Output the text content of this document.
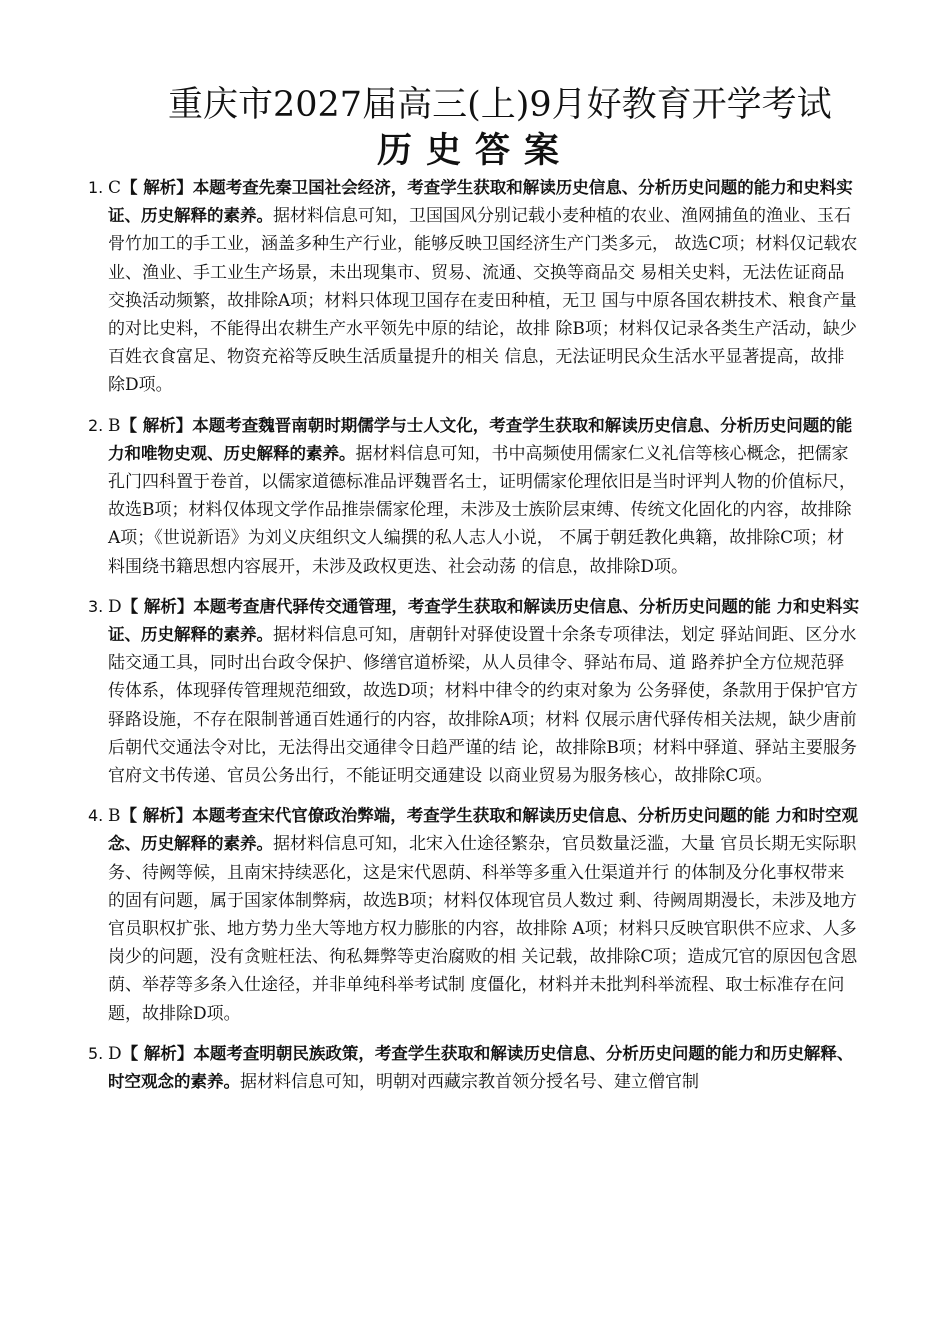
重庆市2027届高三(上)9月好教育开学考试
历史答案
1. C【 解析】本题考查先秦卫国社会经济，考查学生获取和解读历史信息、分析历史问题的能力和史料实证、历史解释的素养。据材料信息可知，卫国国风分别记载小麦种植的农业、渔网捕鱼的渔业、玉石骨竹加工的手工业，涵盖多种生产行业，能够反映卫国经济生产门类多元， 故选C项；材料仅记载农业、渔业、手工业生产场景，未出现集市、贸易、流通、交换等商品交 易相关史料，无法佐证商品交换活动频繁，故排除A项；材料只体现卫国存在麦田种植，无卫 国与中原各国农耕技术、粮食产量的对比史料，不能得出农耕生产水平领先中原的结论，故排 除B项；材料仅记录各类生产活动，缺少百姓衣食富足、物资充裕等反映生活质量提升的相关 信息，无法证明民众生活水平显著提高，故排除D项。
2. B【 解析】本题考查魏晋南朝时期儒学与士人文化，考查学生获取和解读历史信息、分析历史问题的能力和唯物史观、历史解释的素养。据材料信息可知，书中高频使用儒家仁义礼信等核心概念，把儒家孔门四科置于卷首，以儒家道德标准品评魏晋名士，证明儒家伦理依旧是当时评判人物的价值标尺，故选B项；材料仅体现文学作品推崇儒家伦理，未涉及士族阶层束缚、传统文化固化的内容，故排除A项；《世说新语》为刘义庆组织文人编撰的私人志人小说， 不属于朝廷教化典籍，故排除C项；材料围绕书籍思想内容展开，未涉及政权更迭、社会动荡 的信息，故排除D项。
3. D【 解析】本题考查唐代驿传交通管理，考查学生获取和解读历史信息、分析历史问题的能 力和史料实证、历史解释的素养。据材料信息可知，唐朝针对驿使设置十余条专项律法，划定 驿站间距、区分水陆交通工具，同时出台政令保护、修缮官道桥梁，从人员律令、驿站布局、道 路养护全方位规范驿传体系，体现驿传管理规范细致，故选D项；材料中律令的约束对象为 公务驿使，条款用于保护官方驿路设施，不存在限制普通百姓通行的内容，故排除A项；材料 仅展示唐代驿传相关法规，缺少唐前后朝代交通法令对比，无法得出交通律令日趋严谨的结 论，故排除B项；材料中驿道、驿站主要服务官府文书传递、官员公务出行，不能证明交通建设 以商业贸易为服务核心，故排除C项。
4. B【 解析】本题考查宋代官僚政治弊端，考查学生获取和解读历史信息、分析历史问题的能 力和时空观念、历史解释的素养。据材料信息可知，北宋入仕途径繁杂，官员数量泛滥，大量 官员长期无实际职务、待阙等候，且南宋持续恶化，这是宋代恩荫、科举等多重入仕渠道并行 的体制及分化事权带来的固有问题，属于国家体制弊病，故选B项；材料仅体现官员人数过 剩、待阙周期漫长，未涉及地方官员职权扩张、地方势力坐大等地方权力膨胀的内容，故排除 A项；材料只反映官职供不应求、人多岗少的问题，没有贪赃枉法、徇私舞弊等吏治腐败的相 关记载，故排除C项；造成冗官的原因包含恩荫、举荐等多条入仕途径，并非单纯科举考试制 度僵化，材料并未批判科举流程、取士标准存在问题，故排除D项。
5. D【 解析】本题考查明朝民族政策，考查学生获取和解读历史信息、分析历史问题的能力和历史解释、时空观念的素养。据材料信息可知，明朝对西藏宗教首领分授名号、建立僧官制
